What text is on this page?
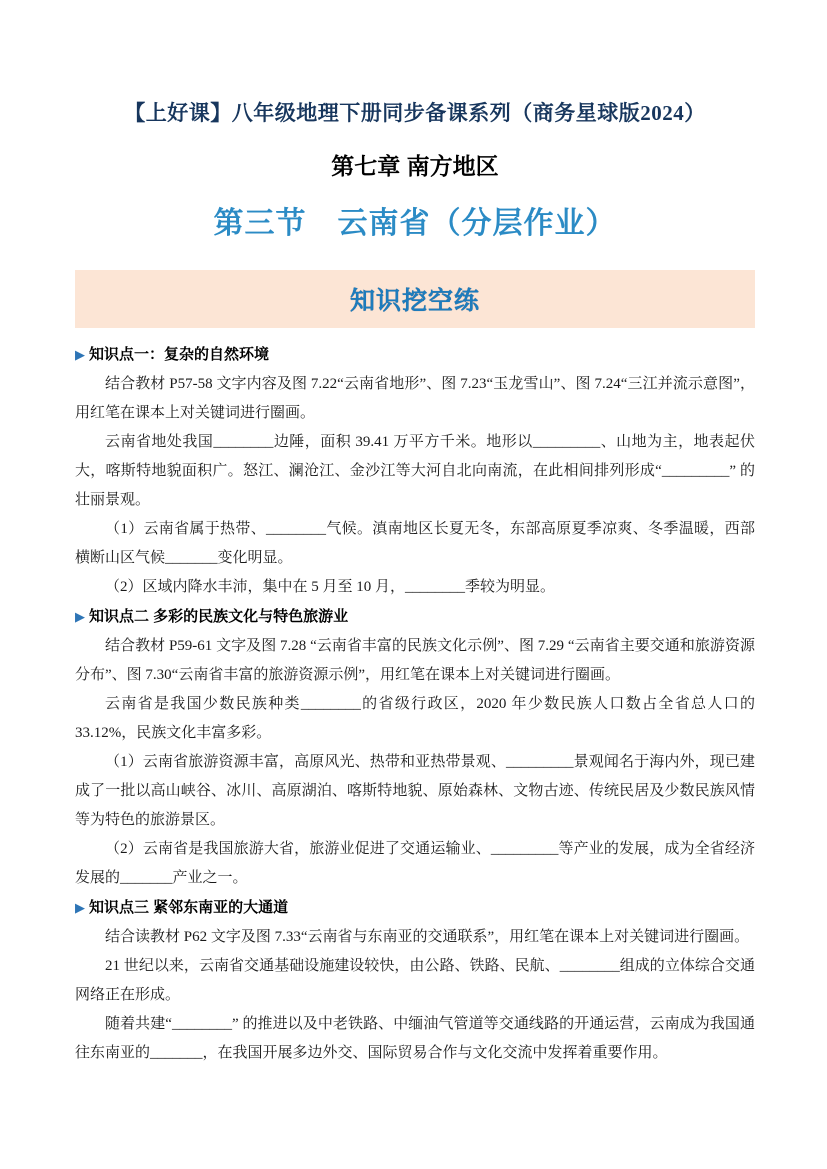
【上好课】八年级地理下册同步备课系列（商务星球版2024）
第七章 南方地区
第三节　云南省（分层作业）
知识挖空练
▶ 知识点一：复杂的自然环境

结合教材 P57-58 文字内容及图 7.22“云南省地形”、图 7.23“玉龙雪山”、图 7.24“三江并流示意图”，用红笔在课本上对关键词进行圈画。

云南省地处我国________边陲，面积 39.41 万平方千米。地形以_________、山地为主，地表起伏大，喀斯特地貌面积广。怒江、澜沧江、金沙江等大河自北向南流，在此相间排列形成“_________” 的壮丽景观。

（1）云南省属于热带、________气候。滇南地区长夏无冬，东部高原夏季凉爽、冬季温暖，西部横断山区气候_______变化明显。

（2）区域内降水丰沛，集中在 5 月至 10 月，________季较为明显。

▶ 知识点二 多彩的民族文化与特色旅游业

结合教材 P59-61 文字及图 7.28 “云南省丰富的民族文化示例”、图 7.29 “云南省主要交通和旅游资源分布”、图 7.30“云南省丰富的旅游资源示例”，用红笔在课本上对关键词进行圈画。

云南省是我国少数民族种类________的省级行政区，2020 年少数民族人口数占全省总人口的 33.12%，民族文化丰富多彩。

（1）云南省旅游资源丰富，高原风光、热带和亚热带景观、_________景观闻名于海内外，现已建成了一批以高山峡谷、冰川、高原湖泊、喀斯特地貌、原始森林、文物古迹、传统民居及少数民族风情等为特色的旅游景区。

（2）云南省是我国旅游大省，旅游业促进了交通运输业、_________等产业的发展，成为全省经济发展的_______产业之一。

▶ 知识点三 紧邻东南亚的大通道

结合读教材 P62 文字及图 7.33“云南省与东南亚的交通联系”，用红笔在课本上对关键词进行圈画。

21 世纪以来，云南省交通基础设施建设较快，由公路、铁路、民航、________组成的立体综合交通网络正在形成。

随着共建“________” 的推进以及中老铁路、中缅油气管道等交通线路的开通运营，云南成为我国通往东南亚的_______，在我国开展多边外交、国际贸易合作与文化交流中发挥着重要作用。
